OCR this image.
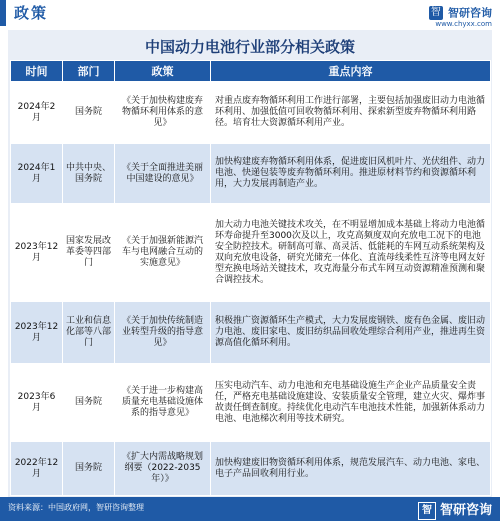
政策	智 智研咨询
www.chyxx.com
中国动力电池行业部分相关政策
时间	部门	政策	重点内容
2024年2月	国务院	《关于加快构建废弃物循环利用体系的意见》	对重点废弃物循环利用工作进行部署，主要包括加强废旧动力电池循环利用、加强低值可回收物循环利用、探索新型废弃物循环利用路径。培育壮大资源循环利用产业。
2024年1月	中共中央、国务院	《关于全面推进美丽中国建设的意见》	加快构建废弃物循环利用体系，促进废旧风机叶片、光伏组件、动力电池、快递包装等废弃物循环利用。推进原材料节约和资源循环利用，大力发展再制造产业。
2023年12月	国家发展改革委等四部门	《关于加强新能源汽车与电网融合互动的实施意见》	加大动力电池关键技术攻关，在不明显增加成本基础上将动力电池循环寿命提升至3000次及以上，攻克高频度双向充放电工况下的电池安全防控技术。研制高可靠、高灵活、低能耗的车网互动系统架构及双向充放电设备，研究光储充一体化、直流母线柔性互济等电网友好型充换电场站关键技术，攻克海量分布式车网互动资源精准预测和聚合调控技术。
2023年12月	工业和信息化部等八部门	《关于加快传统制造业转型升级的指导意见》	积极推广资源循环生产模式，大力发展废钢铁、废有色金属、废旧动力电池、废旧家电、废旧纺织品回收处理综合利用产业，推进再生资源高值化循环利用。
2023年6月	国务院	《关于进一步构建高质量充电基础设施体系的指导意见》	压实电动汽车、动力电池和充电基础设施生产企业产品质量安全责任，严格充电基础设施建设、安装质量安全管理，建立火灾、爆炸事故责任倒查制度。持续优化电动汽车电池技术性能，加强新体系动力电池、电池梯次利用等技术研究。
2022年12月	国务院	《扩大内需战略规划纲要（2022-2035年）》	加快构建废旧物资循环利用体系，规范发展汽车、动力电池、家电、电子产品回收利用行业。
资料来源：中国政府网，智研咨询整理	智 智研咨询
